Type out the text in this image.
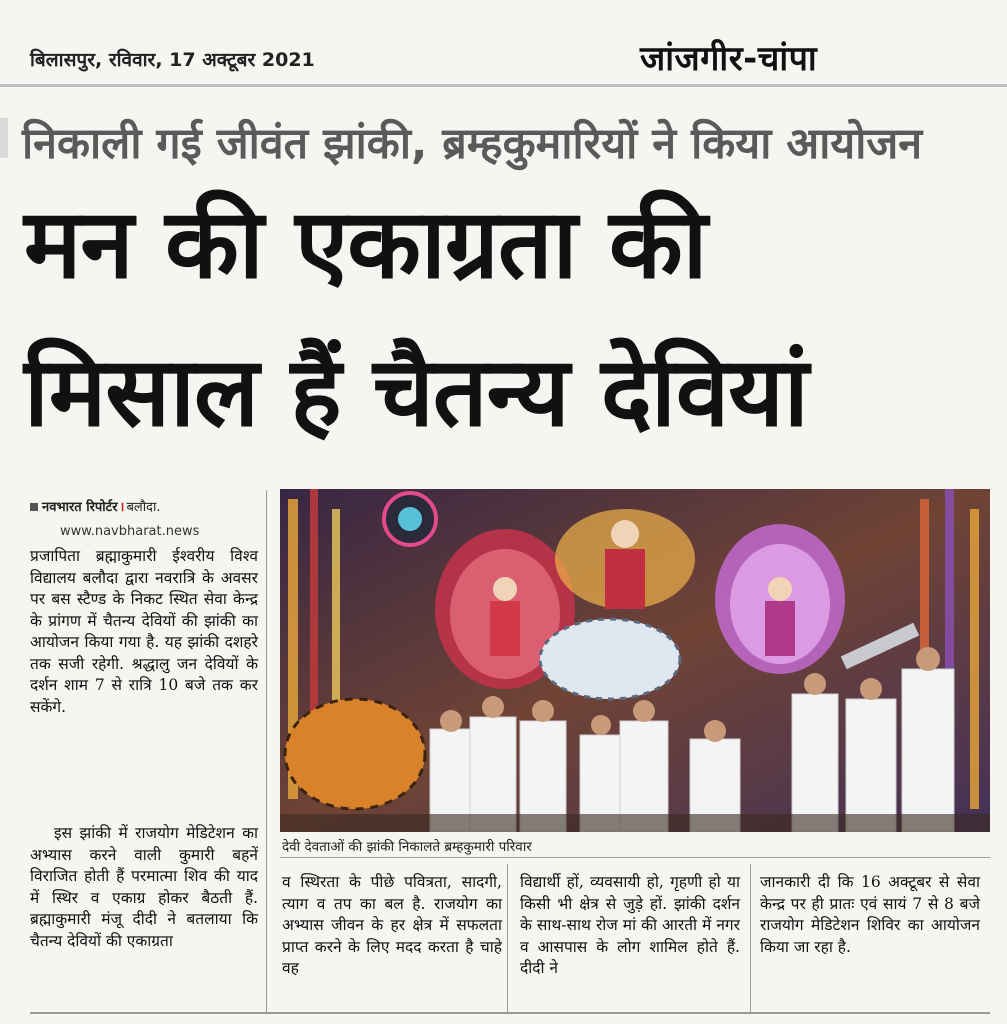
बिलासपुर, रविवार, 17 अक्टूबर 2021	जांजगीर-चांपा
निकाली गई जीवंत झांकी, ब्रम्हकुमारियों ने किया आयोजन
मन की एकाग्रता की
मिसाल हैं चैतन्य देवियां
नवभारत रिपोर्टर । बलौदा.
www.navbharat.news

प्रजापिता ब्रह्माकुमारी ईश्वरीय विश्व विद्यालय बलौदा द्वारा नवरात्रि के अवसर पर बस स्टैण्ड के निकट स्थित सेवा केन्द्र के प्रांगण में चैतन्य देवियों की झांकी का आयोजन किया गया है. यह झांकी दशहरे तक सजी रहेगी. श्रद्धालु जन देवियों के दर्शन शाम 7 से रात्रि 10 बजे तक कर सकेंगे.

इस झांकी में राजयोग मेडिटेशन का अभ्यास करने वाली कुमारी बहनें विराजित होती हैं परमात्मा शिव की याद में स्थिर व एकाग्र होकर बैठती हैं. ब्रह्माकुमारी मंजू दीदी ने बतलाया कि चैतन्य देवियों की एकाग्रता

देवी देवताओं की झांकी निकालते ब्रम्हकुमारी परिवार

व स्थिरता के पीछे पवित्रता, सादगी, त्याग व तप का बल है. राजयोग का अभ्यास जीवन के हर क्षेत्र में सफलता प्राप्त करने के लिए मदद करता है चाहे वह

विद्यार्थी हों, व्यवसायी हो, गृहणी हो या किसी भी क्षेत्र से जुड़े हों. झांकी दर्शन के साथ-साथ रोज मां की आरती में नगर व आसपास के लोग शामिल होते हैं. दीदी ने

जानकारी दी कि 16 अक्टूबर से सेवा केन्द्र पर ही प्रातः एवं सायं 7 से 8 बजे राजयोग मेडिटेशन शिविर का आयोजन किया जा रहा है.
